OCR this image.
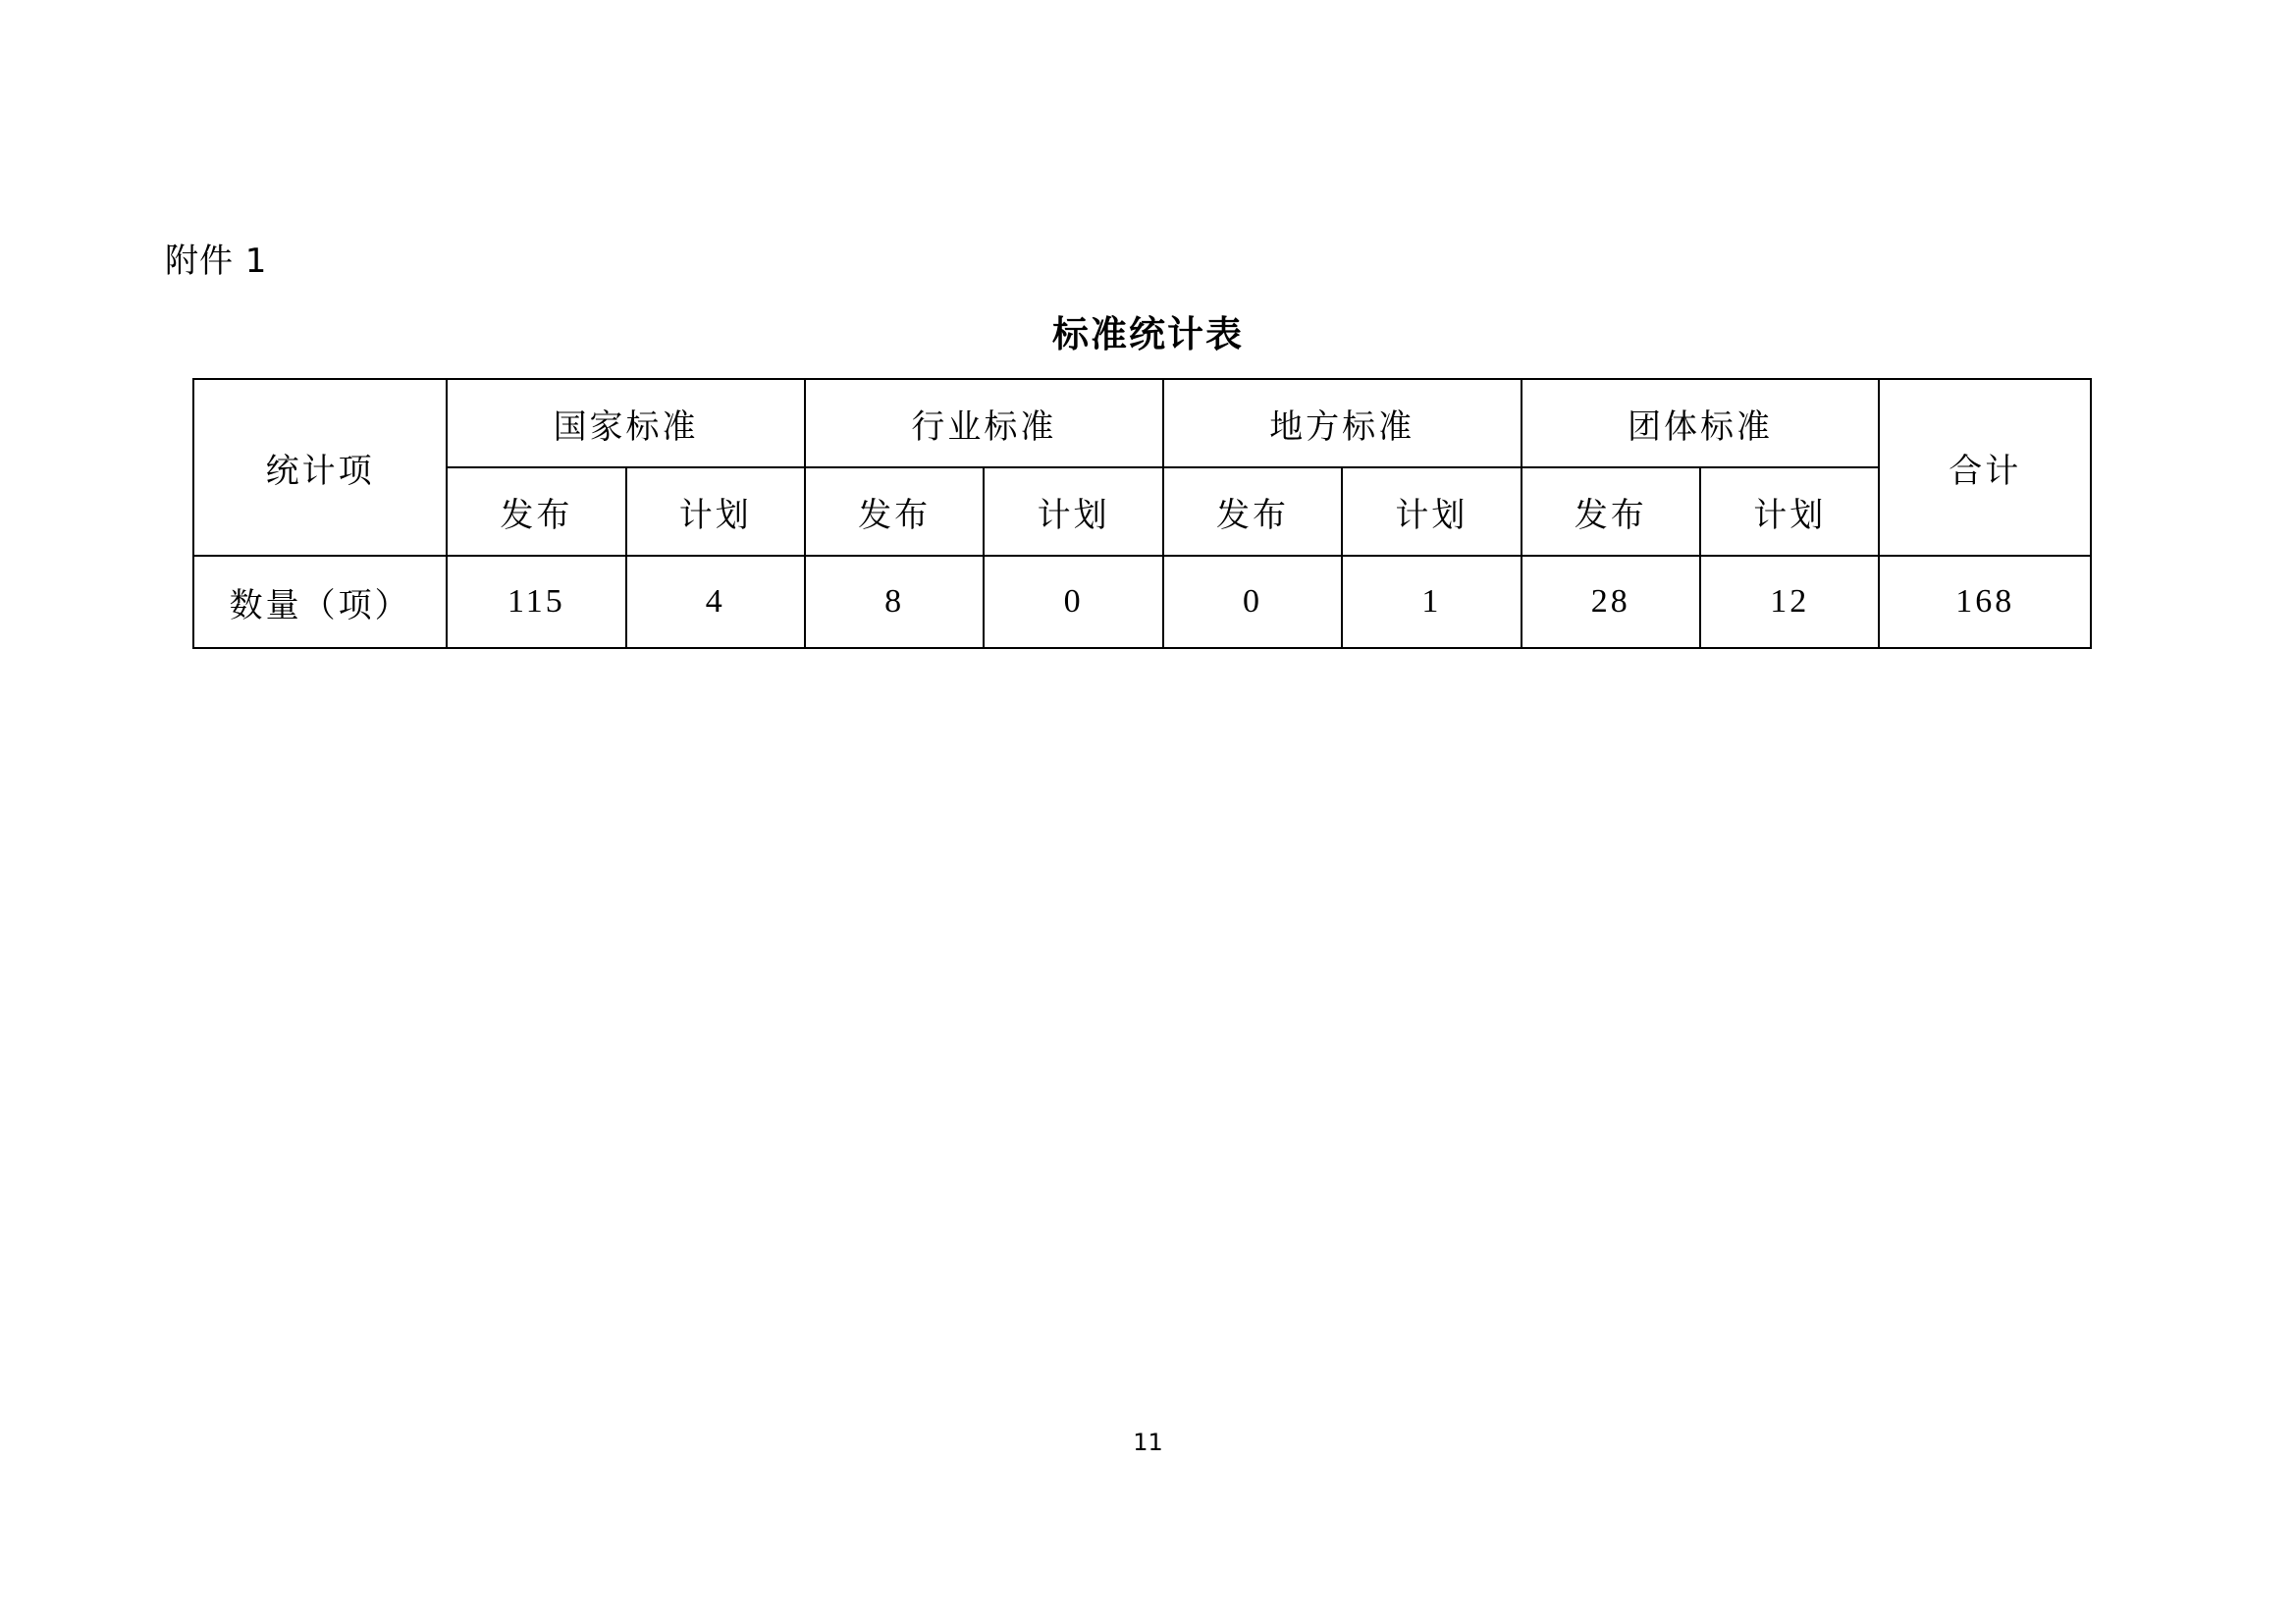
附件 1
标准统计表
统计项	国家标准		行业标准		地方标准		团体标准		合计
	发布	计划	发布	计划	发布	计划	发布	计划	
数量（项）	115	4	8	0	0	1	28	12	168
11
